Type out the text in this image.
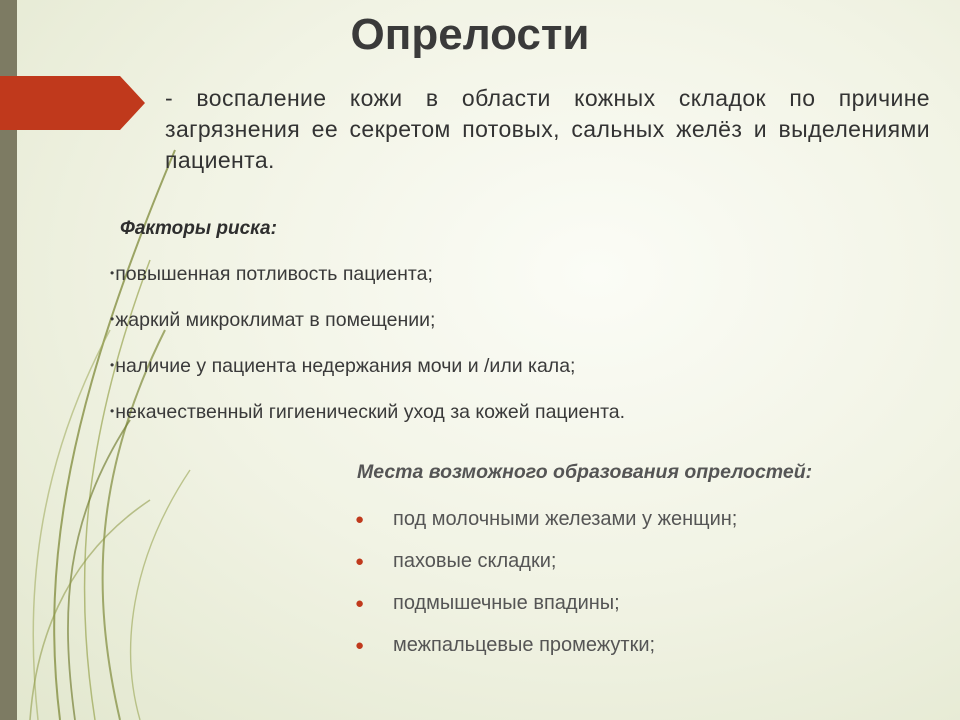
Опрелости

- воспаление кожи в области кожных складок по причине загрязнения ее секретом потовых, сальных желёз и выделениями пациента.

Факторы риска:

•повышенная потливость пациента;
•жаркий микроклимат в помещении;
•наличие у пациента недержания мочи и /или кала;
•некачественный гигиенический уход за кожей пациента.

Места возможного образования опрелостей:

● под молочными железами у женщин;
● паховые складки;
● подмышечные впадины;
● межпальцевые промежутки;
